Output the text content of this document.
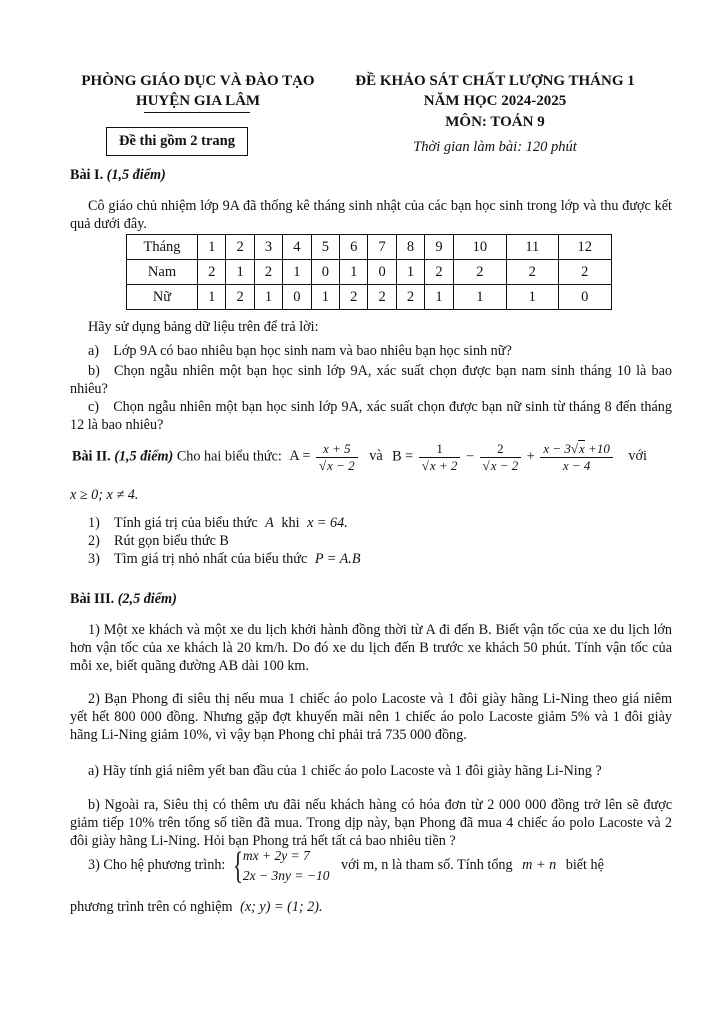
PHÒNG GIÁO DỤC VÀ ĐÀO TẠO
HUYỆN GIA LÂM
Đề thi gồm 2 trang
ĐỀ KHẢO SÁT CHẤT LƯỢNG THÁNG 1
NĂM HỌC 2024-2025
MÔN: TOÁN 9
Thời gian làm bài: 120 phút
Bài I. (1,5 điểm)

Cô giáo chủ nhiệm lớp 9A đã thống kê tháng sinh nhật của các bạn học sinh trong lớp và thu được kết quả dưới đây.

Tháng	1	2	3	4	5	6	7	8	9	10	11	12
Nam	2	1	2	1	0	1	0	1	2	2	2	2
Nữ	1	2	1	0	1	2	2	2	1	1	1	0

Hãy sử dụng bảng dữ liệu trên để trả lời:

a) Lớp 9A có bao nhiêu bạn học sinh nam và bao nhiêu bạn học sinh nữ?

b) Chọn ngẫu nhiên một bạn học sinh lớp 9A, xác suất chọn được bạn nam sinh tháng 10 là bao nhiêu?

c) Chọn ngẫu nhiên một bạn học sinh lớp 9A, xác suất chọn được bạn nữ sinh từ tháng 8 đến tháng 12 là bao nhiêu?

Bài II. (1,5 điểm) Cho hai biểu thức: $A = \frac{x + 5}{√x - 2}$ và $B = \frac{1}{√x + 2} - \frac{2}{√x - 2} + \frac{x - 3√x +10}{x - 4}$ với
x ≥ 0; x ≠ 4.
1) Tính giá trị của biểu thức A khi x = 64.
2) Rút gọn biểu thức B
3) Tìm giá trị nhỏ nhất của biểu thức P = A.B
Bài III. (2,5 điểm)

1) Một xe khách và một xe du lịch khởi hành đồng thời từ A đi đến B. Biết vận tốc của xe du lịch lớn hơn vận tốc của xe khách là 20 km/h. Do đó xe du lịch đến B trước xe khách 50 phút. Tính vận tốc của mỗi xe, biết quãng đường AB dài 100 km.

2) Bạn Phong đi siêu thị nếu mua 1 chiếc áo polo Lacoste và 1 đôi giày hãng Li-Ning theo giá niêm yết hết 800 000 đồng. Nhưng gặp đợt khuyến mãi nên 1 chiếc áo polo Lacoste giảm 5% và 1 đôi giày hãng Li-Ning giảm 10%, vì vậy bạn Phong chỉ phải trả 735 000 đồng.

a) Hãy tính giá niêm yết ban đầu của 1 chiếc áo polo Lacoste và 1 đôi giày hãng Li-Ning ?

b) Ngoài ra, Siêu thị có thêm ưu đãi nếu khách hàng có hóa đơn từ 2 000 000 đồng trở lên sẽ được giảm tiếp 10% trên tổng số tiền đã mua. Trong dịp này, bạn Phong đã mua 4 chiếc áo polo Lacoste và 2 đôi giày hãng Li-Ning. Hỏi bạn Phong trả hết tất cả bao nhiêu tiền ?

3) Cho hệ phương trình: { mx + 2y = 7
2x − 3ny = −10
với m, n là tham số. Tính tổng m + n biết hệ
phương trình trên có nghiệm (x; y) = (1; 2).
